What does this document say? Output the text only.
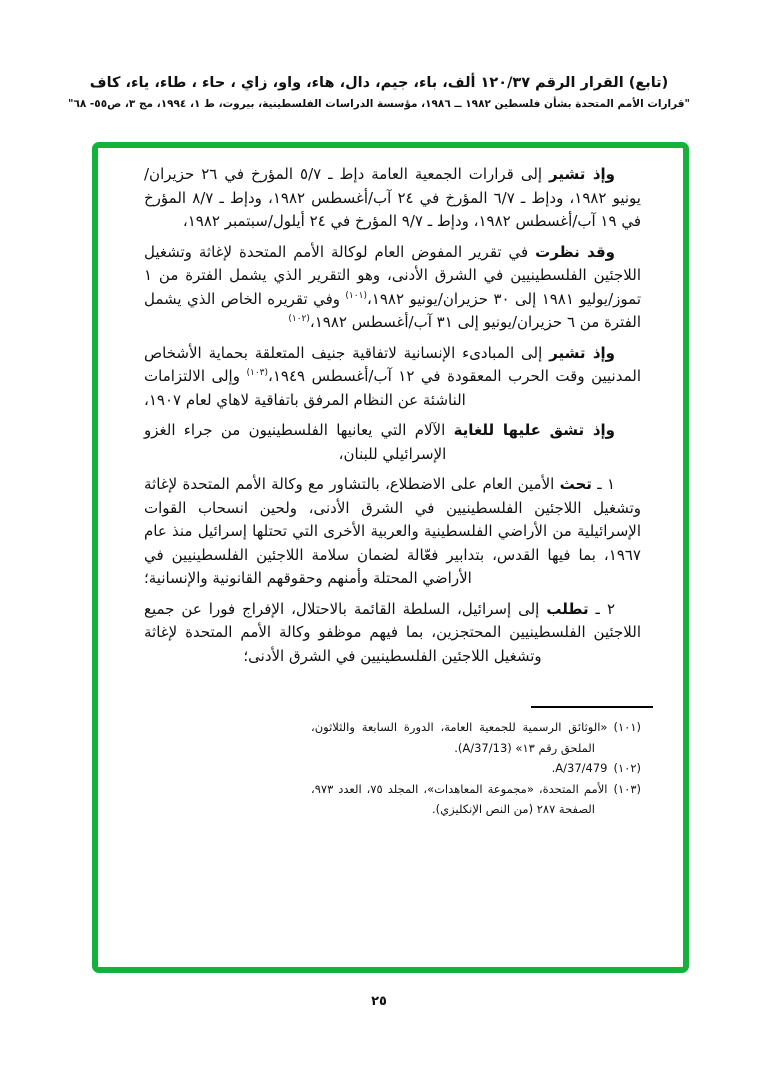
(تابع) القرار الرقم ١٢٠/٣٧ ألف، باء، جيم، دال، هاء، واو، زاي ، حاء ، طاء، ياء، كاف
"قرارات الأمم المتحدة بشأن فلسطين ١٩٨٢ ــ ١٩٨٦، مؤسسة الدراسات الفلسطينية، بيروت، ط ١، ١٩٩٤، مج ٣، ص٥٥- ٦٨"

وإذ تشير إلى قرارات الجمعية العامة دإط ـ ٥/٧ المؤرخ في ٢٦ حزيران/يونيو ١٩٨٢، ودإط ـ ٦/٧ المؤرخ في ٢٤ آب/أغسطس ١٩٨٢، ودإط ـ ٨/٧ المؤرخ في ١٩ آب/أغسطس ١٩٨٢، ودإط ـ ٩/٧ المؤرخ في ٢٤ أيلول/سبتمبر ١٩٨٢،

وقد نظرت في تقرير المفوض العام لوكالة الأمم المتحدة لإغاثة وتشغيل اللاجئين الفلسطينيين في الشرق الأدنى، وهو التقرير الذي يشمل الفترة من ١ تموز/يوليو ١٩٨١ إلى ٣٠ حزيران/يونيو ١٩٨٢،$^{(١٠١)}$ وفي تقريره الخاص الذي يشمل الفترة من ٦ حزيران/يونيو إلى ٣١ آب/أغسطس ١٩٨٢،$^{(١٠٢)}$

وإذ تشير إلى المبادىء الإنسانية لاتفاقية جنيف المتعلقة بحماية الأشخاص المدنيين وقت الحرب المعقودة في ١٢ آب/أغسطس ١٩٤٩،$^{(١٠٣)}$ وإلى الالتزامات الناشئة عن النظام المرفق باتفاقية لاهاي لعام ١٩٠٧،

وإذ تشق عليها للغاية الآلام التي يعانيها الفلسطينيون من جراء الغزو الإسرائيلي للبنان،

١ ـ تحث الأمين العام على الاضطلاع، بالتشاور مع وكالة الأمم المتحدة لإغاثة وتشغيل اللاجئين الفلسطينيين في الشرق الأدنى، ولحين انسحاب القوات الإسرائيلية من الأراضي الفلسطينية والعربية الأخرى التي تحتلها إسرائيل منذ عام ١٩٦٧، بما فيها القدس، بتدابير فعّالة لضمان سلامة اللاجئين الفلسطينيين في الأراضي المحتلة وأمنهم وحقوقهم القانونية والإنسانية؛

٢ ـ تطلب إلى إسرائيل، السلطة القائمة بالاحتلال، الإفراج فورا عن جميع اللاجئين الفلسطينيين المحتجزين، بما فيهم موظفو وكالة الأمم المتحدة لإغاثة وتشغيل اللاجئين الفلسطينيين في الشرق الأدنى؛

(١٠١)«الوثائق الرسمية للجمعية العامة، الدورة السابعة والثلاثون، الملحق رقم ١٣» (A/37/13).

(١٠٢)A/37/479.

(١٠٣)الأمم المتحدة، «مجموعة المعاهدات»، المجلد ٧٥، العدد ٩٧٣، الصفحة ٢٨٧ (من النص الإنكليزي).

٢٥
